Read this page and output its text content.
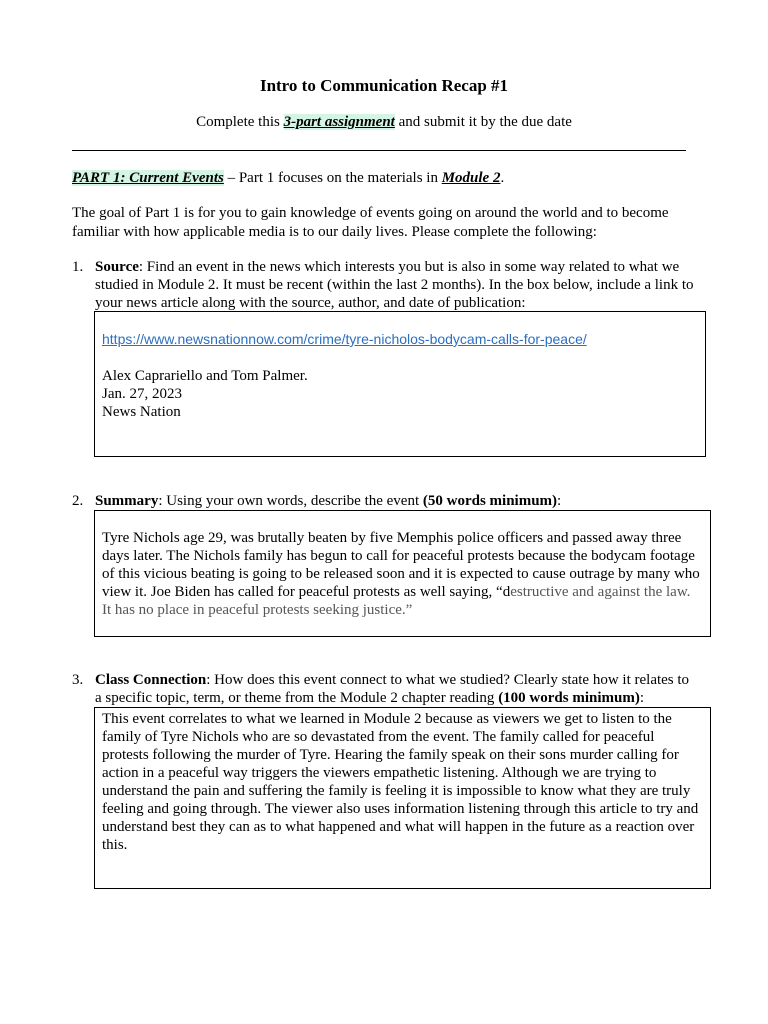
Intro to Communication Recap #1
Complete this 3-part assignment and submit it by the due date
PART 1: Current Events – Part 1 focuses on the materials in Module 2.
The goal of Part 1 is for you to gain knowledge of events going on around the world and to become familiar with how applicable media is to our daily lives. Please complete the following:
1. Source: Find an event in the news which interests you but is also in some way related to what we studied in Module 2. It must be recent (within the last 2 months). In the box below, include a link to your news article along with the source, author, and date of publication:
https://www.newsnationnow.com/crime/tyre-nicholos-bodycam-calls-for-peace/
Alex Caprariello and Tom Palmer.
Jan. 27, 2023
News Nation
2. Summary: Using your own words, describe the event (50 words minimum):
Tyre Nichols age 29, was brutally beaten by five Memphis police officers and passed away three days later. The Nichols family has begun to call for peaceful protests because the bodycam footage of this vicious beating is going to be released soon and it is expected to cause outrage by many who view it. Joe Biden has called for peaceful protests as well saying, “destructive and against the law. It has no place in peaceful protests seeking justice.”
3. Class Connection: How does this event connect to what we studied? Clearly state how it relates to a specific topic, term, or theme from the Module 2 chapter reading (100 words minimum):
This event correlates to what we learned in Module 2 because as viewers we get to listen to the family of Tyre Nichols who are so devastated from the event. The family called for peaceful protests following the murder of Tyre. Hearing the family speak on their sons murder calling for action in a peaceful way triggers the viewers empathetic listening. Although we are trying to understand the pain and suffering the family is feeling it is impossible to know what they are truly feeling and going through. The viewer also uses information listening through this article to try and understand best they can as to what happened and what will happen in the future as a reaction over this.
